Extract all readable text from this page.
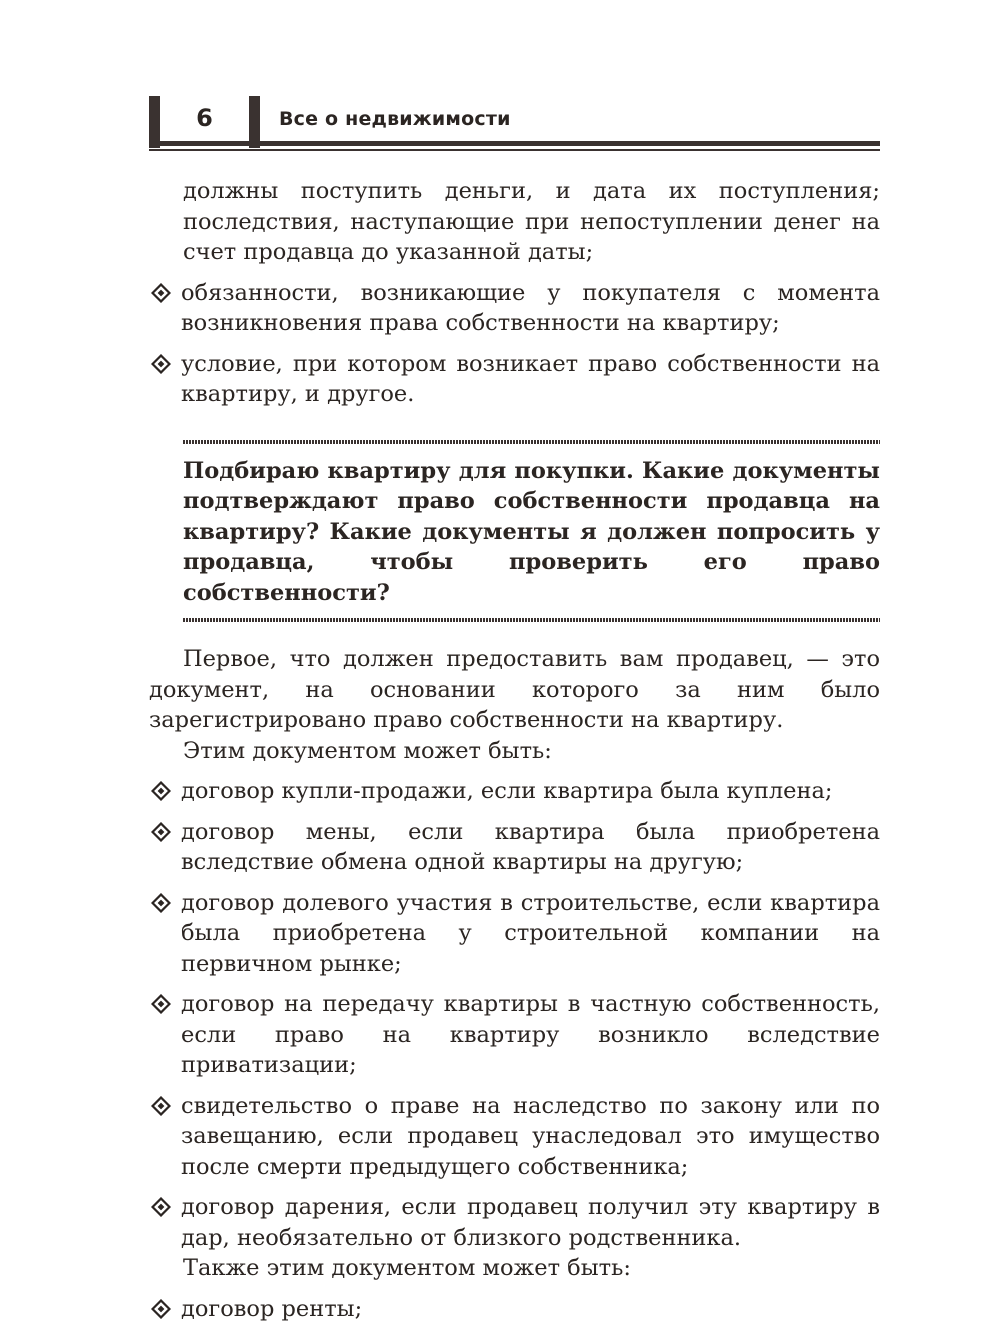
6	Все о недвижимости

должны поступить деньги, и дата их поступления; последствия, наступающие при непоступлении денег на счет продавца до указанной даты;

обязанности, возникающие у покупателя с момента возникновения права собственности на квартиру;
условие, при котором возникает право собственности на квартиру, и другое.

Подбираю квартиру для покупки. Какие документы подтверждают право собственности продавца на квартиру? Какие документы я должен попросить у продавца, чтобы проверить его право собственности?

Первое, что должен предоставить вам продавец, — это документ, на основании которого за ним было зарегистрировано право собственности на квартиру.

Этим документом может быть:

договор купли-продажи, если квартира была куплена;
договор мены, если квартира была приобретена вследствие обмена одной квартиры на другую;
договор долевого участия в строительстве, если квартира была приобретена у строительной компании на первичном рынке;
договор на передачу квартиры в частную собственность, если право на квартиру возникло вследствие приватизации;
свидетельство о праве на наследство по закону или по завещанию, если продавец унаследовал это имущество после смерти предыдущего собственника;
договор дарения, если продавец получил эту квартиру в дар, необязательно от близкого родственника.

Также этим документом может быть:

договор ренты;
